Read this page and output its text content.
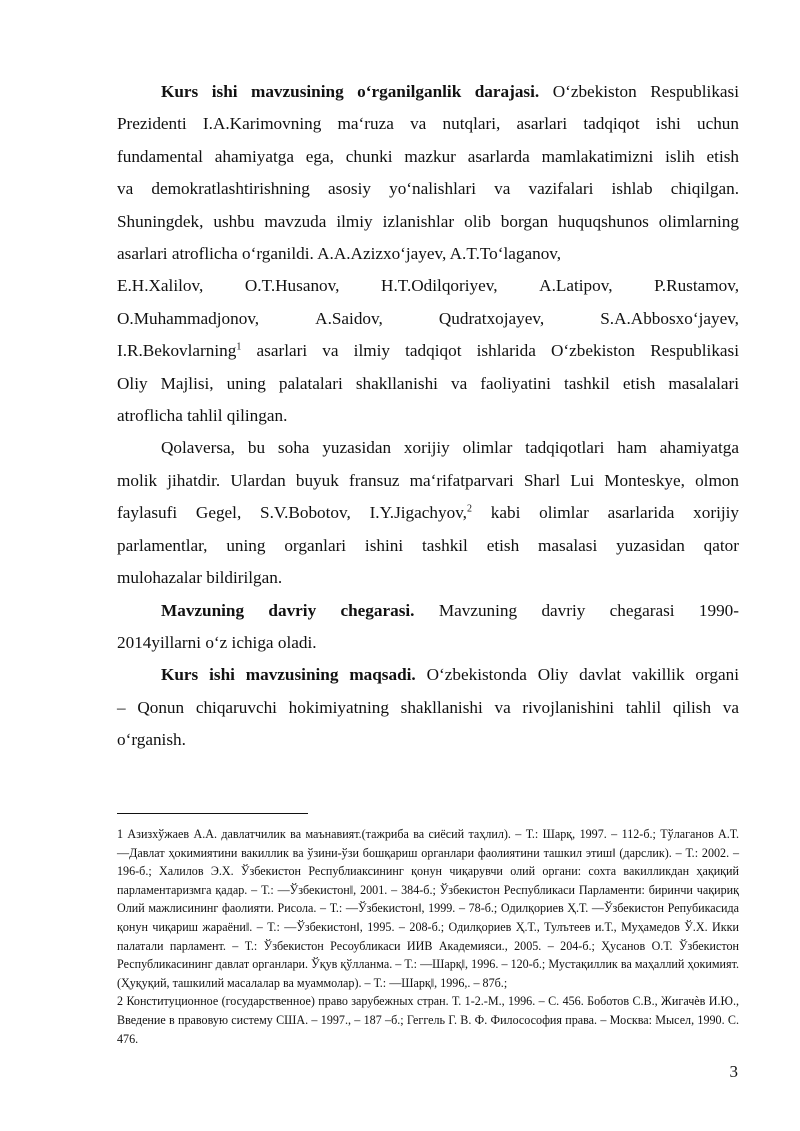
Kurs ishi mavzusining o‘rganilganlik darajasi. O‘zbekiston Respublikasi
Prezidenti I.A.Karimovning ma‘ruza va nutqlari, asarlari tadqiqot ishi uchun
fundamental ahamiyatga ega, chunki mazkur asarlarda mamlakatimizni islih etish
va demokratlashtirishning asosiy yo‘nalishlari va vazifalari ishlab chiqilgan.
Shuningdek, ushbu mavzuda ilmiy izlanishlar olib borgan huquqshunos olimlarning
asarlari atroflicha o‘rganildi. A.A.Azizxo‘jayev, A.T.To‘laganov,
E.H.Xalilov, O.T.Husanov, H.T.Odilqoriyev, A.Latipov, P.Rustamov,
O.Muhammadjonov,	A.Saidov,	Qudratxojayev,	S.A.Abbosxo‘jayev,
I.R.Bekovlarning$^1$ asarlari va ilmiy tadqiqot ishlarida O‘zbekiston Respublikasi
Oliy Majlisi, uning palatalari shakllanishi va faoliyatini tashkil etish masalalari
atroflicha tahlil qilingan.
Qolaversa, bu soha yuzasidan xorijiy olimlar tadqiqotlari ham ahamiyatga
molik jihatdir. Ulardan buyuk fransuz ma‘rifatparvari Sharl Lui Monteskye, olmon
faylasufi Gegel, S.V.Bobotov, I.Y.Jigachyov,$^2$ kabi olimlar asarlarida xorijiy
parlamentlar, uning organlari ishini tashkil etish masalasi yuzasidan qator
mulohazalar bildirilgan.
Mavzuning davriy chegarasi. Mavzuning davriy chegarasi 1990-
2014yillarni o‘z ichiga oladi.
Kurs ishi mavzusining maqsadi. O‘zbekistonda Oliy davlat vakillik organi
– Qonun chiqaruvchi hokimiyatning shakllanishi va rivojlanishini tahlil qilish va
o‘rganish.

1 Азизхўжаев А.А. давлатчилик ва маънавият.(тажриба ва сиёсий таҳлил). – Т.: Шарқ, 1997. – 112-б.; Тўлаганов А.Т. ―Давлат ҳокимиятини вакиллик ва ўзини-ўзи бошқариш органлари фаолиятини ташкил этиш‖ (дарслик). – Т.: 2002. – 196-б.; Халилов Э.Х. Ўзбекистон Республиаксининг қонун чиқарувчи олий органи: сохта вакилликдан ҳақиқий парламентаризмга қадар. – Т.: ―Ўзбекистон‖, 2001. – 384-б.; Ўзбекистон Республикаси Парламенти: биринчи чақириқ Олий мажлисининг фаолияти. Рисола. – Т.: ―Ўзбекистон‖, 1999. – 78-б.; Одилқориев Ҳ.Т. ―Ўзбекистон Репубикасида қонун чиқариш жараёни‖. – Т.: ―Ўзбекистон‖, 1995. – 208-б.; Одилқориев Ҳ.Т., Тулътеев и.Т., Муҳамедов Ў.Х. Икки палатали парламент. – Т.: Ўзбекистон Ресоубликаси ИИВ Академияси., 2005. – 204-б.; Ҳусанов О.Т. Ўзбекистон Республикасининг давлат органлари. Ўқув қўлланма. – Т.: ―Шарқ‖, 1996. – 120-б.; Мустақиллик ва маҳаллий ҳокимият. (Ҳуқуқий, ташкилий масалалар ва муаммолар). – Т.: ―Шарқ‖, 1996,. – 87б.;

2 Конституционное (государственное) право зарубежных стран. Т. 1-2.-М., 1996. – С. 456. Боботов С.В., Жигачѐв И.Ю., Введение в правовую систему США. – 1997., – 187 –б.; Геггель Г. В. Ф. Филосософия права. – Москва: Мысел, 1990. С. 476.

3
